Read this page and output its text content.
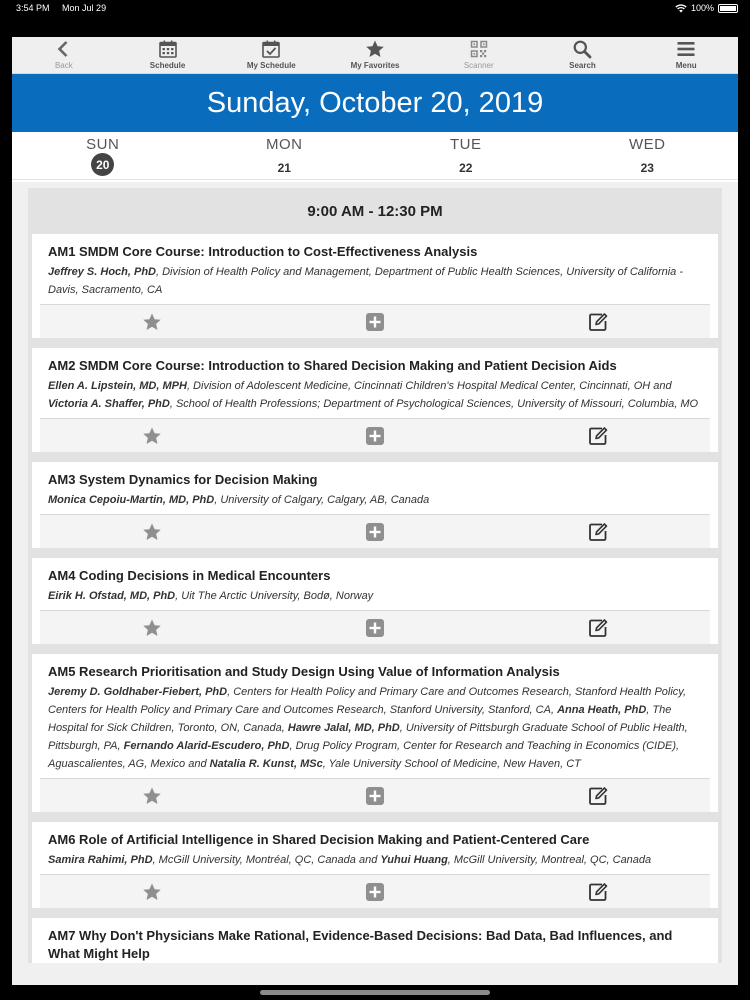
3:54 PM Mon Jul 29	100%
Back	Schedule	My Schedule	My Favorites	Scanner	Search	Menu
Sunday, October 20, 2019
SUN
20
MON
21
TUE
22
WED
23
9:00 AM - 12:30 PM
AM1 SMDM Core Course: Introduction to Cost-Effectiveness Analysis
Jeffrey S. Hoch, PhD, Division of Health Policy and Management, Department of Public Health Sciences, University of California - Davis, Sacramento, CA
AM2 SMDM Core Course: Introduction to Shared Decision Making and Patient Decision Aids
Ellen A. Lipstein, MD, MPH, Division of Adolescent Medicine, Cincinnati Children's Hospital Medical Center, Cincinnati, OH and Victoria A. Shaffer, PhD, School of Health Professions; Department of Psychological Sciences, University of Missouri, Columbia, MO
AM3 System Dynamics for Decision Making
Monica Cepoiu-Martin, MD, PhD, University of Calgary, Calgary, AB, Canada
AM4 Coding Decisions in Medical Encounters
Eirik H. Ofstad, MD, PhD, Uit The Arctic University, Bodø, Norway
AM5 Research Prioritisation and Study Design Using Value of Information Analysis
Jeremy D. Goldhaber-Fiebert, PhD, Centers for Health Policy and Primary Care and Outcomes Research, Stanford Health Policy, Centers for Health Policy and Primary Care and Outcomes Research, Stanford University, Stanford, CA, Anna Heath, PhD, The Hospital for Sick Children, Toronto, ON, Canada, Hawre Jalal, MD, PhD, University of Pittsburgh Graduate School of Public Health, Pittsburgh, PA, Fernando Alarid-Escudero, PhD, Drug Policy Program, Center for Research and Teaching in Economics (CIDE), Aguascalientes, AG, Mexico and Natalia R. Kunst, MSc, Yale University School of Medicine, New Haven, CT
AM6 Role of Artificial Intelligence in Shared Decision Making and Patient-Centered Care
Samira Rahimi, PhD, McGill University, Montréal, QC, Canada and Yuhui Huang, McGill University, Montreal, QC, Canada
AM7 Why Don't Physicians Make Rational, Evidence-Based Decisions: Bad Data, Bad Influences, and What Might Help
